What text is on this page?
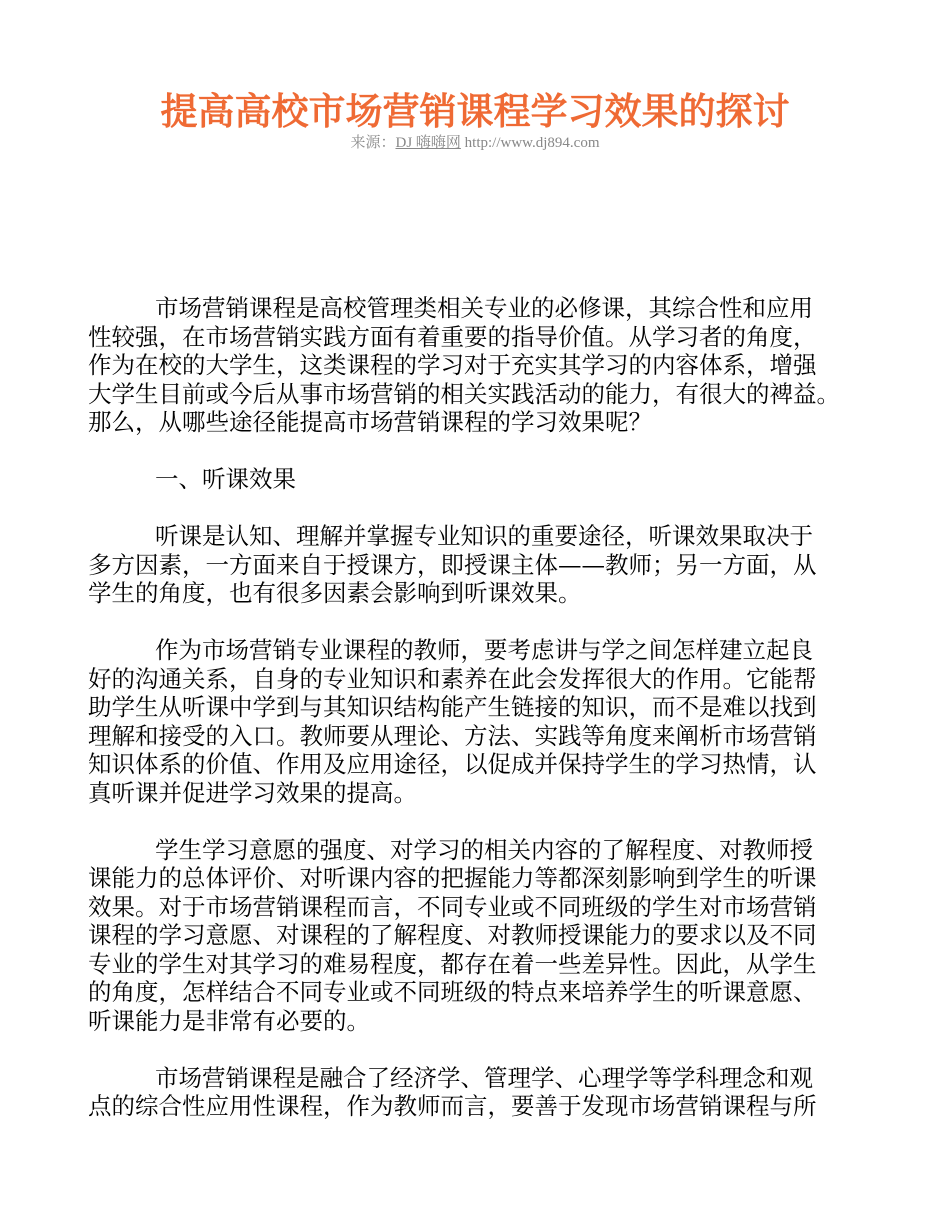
提高高校市场营销课程学习效果的探讨
来源：DJ 嗨嗨网 http://www.dj894.com

市场营销课程是高校管理类相关专业的必修课，其综合性和应用
性较强，在市场营销实践方面有着重要的指导价值。从学习者的角度，
作为在校的大学生，这类课程的学习对于充实其学习的内容体系，增强
大学生目前或今后从事市场营销的相关实践活动的能力，有很大的裨益。
那么，从哪些途径能提高市场营销课程的学习效果呢？

一、听课效果

听课是认知、理解并掌握专业知识的重要途径，听课效果取决于
多方因素，一方面来自于授课方，即授课主体——教师；另一方面，从
学生的角度，也有很多因素会影响到听课效果。

作为市场营销专业课程的教师，要考虑讲与学之间怎样建立起良
好的沟通关系，自身的专业知识和素养在此会发挥很大的作用。它能帮
助学生从听课中学到与其知识结构能产生链接的知识，而不是难以找到
理解和接受的入口。教师要从理论、方法、实践等角度来阐析市场营销
知识体系的价值、作用及应用途径，以促成并保持学生的学习热情，认
真听课并促进学习效果的提高。

学生学习意愿的强度、对学习的相关内容的了解程度、对教师授
课能力的总体评价、对听课内容的把握能力等都深刻影响到学生的听课
效果。对于市场营销课程而言，不同专业或不同班级的学生对市场营销
课程的学习意愿、对课程的了解程度、对教师授课能力的要求以及不同
专业的学生对其学习的难易程度，都存在着一些差异性。因此，从学生
的角度，怎样结合不同专业或不同班级的特点来培养学生的听课意愿、
听课能力是非常有必要的。

市场营销课程是融合了经济学、管理学、心理学等学科理念和观
点的综合性应用性课程，作为教师而言，要善于发现市场营销课程与所
